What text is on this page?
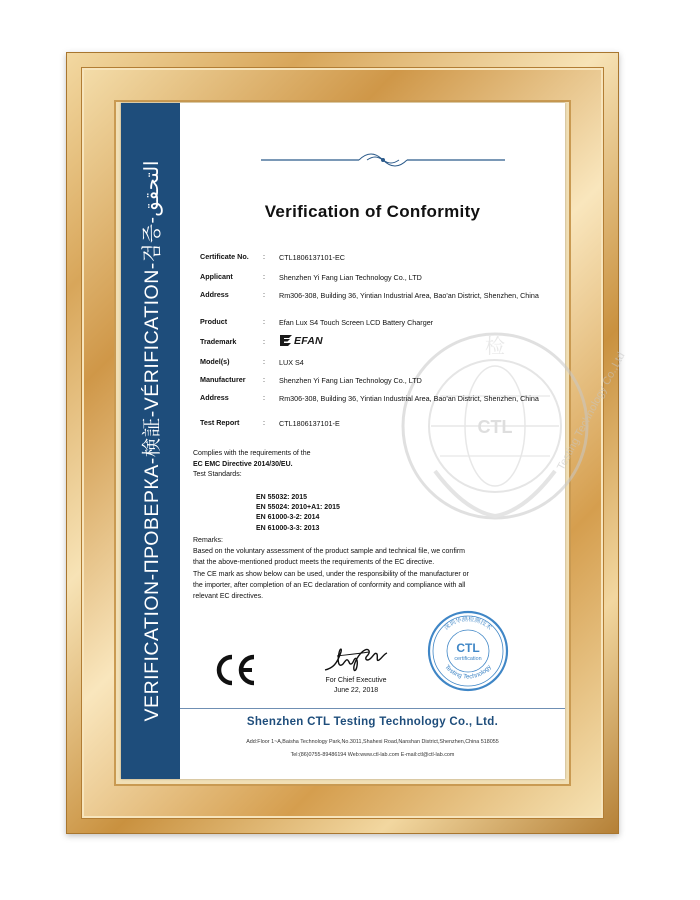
VERIFICATION-ПРОВЕРКА-検証-VÉRIFICATION-검증-التحقق	Verification of Conformity
CTL
检
Testing Technology Co.,Ltd
Certificate No. : CTL1806137101-EC
Applicant	: Shenzhen Yi Fang Lian Technology Co., LTD
Address	: Rm306-308, Building 36, Yintian Industrial Area, Bao'an District, Shenzhen, China
Product	: Efan Lux S4 Touch Screen LCD Battery Charger
Trademark	:	EFAN
Model(s)	: LUX S4
Manufacturer : Shenzhen Yi Fang Lian Technology Co., LTD
Address	: Rm306-308, Building 36, Yintian Industrial Area, Bao'an District, Shenzhen, China
Test Report	: CTL1806137101-E
Complies with the requirements of the
EC EMC Directive 2014/30/EU.
Test Standards:
EN 55032: 2015
EN 55024: 2010+A1: 2015
EN 61000-3-2: 2014
EN 61000-3-3: 2013
Remarks:
Based on the voluntary assessment of the product sample and technical file, we confirm
that the above-mentioned product meets the requirements of the EC directive.
The CE mark as show below can be used, under the responsibility of the manufacturer or
the importer, after completion of an EC declaration of conformity and compliance with all
relevant EC directives.
For Chief Executive
June 22, 2018
深圳华测检测技术
Testing Technology
CTL
certification
Shenzhen CTL Testing Technology Co., Ltd.
Add:Floor 1~A,Baisha Technology Park,No.3011,Shahexi Road,Nanshan District,Shenzhen,China 518055
Tel:(86)0755-89486194 Web:www.ctl-lab.com E-mail:ctl@ctl-lab.com
